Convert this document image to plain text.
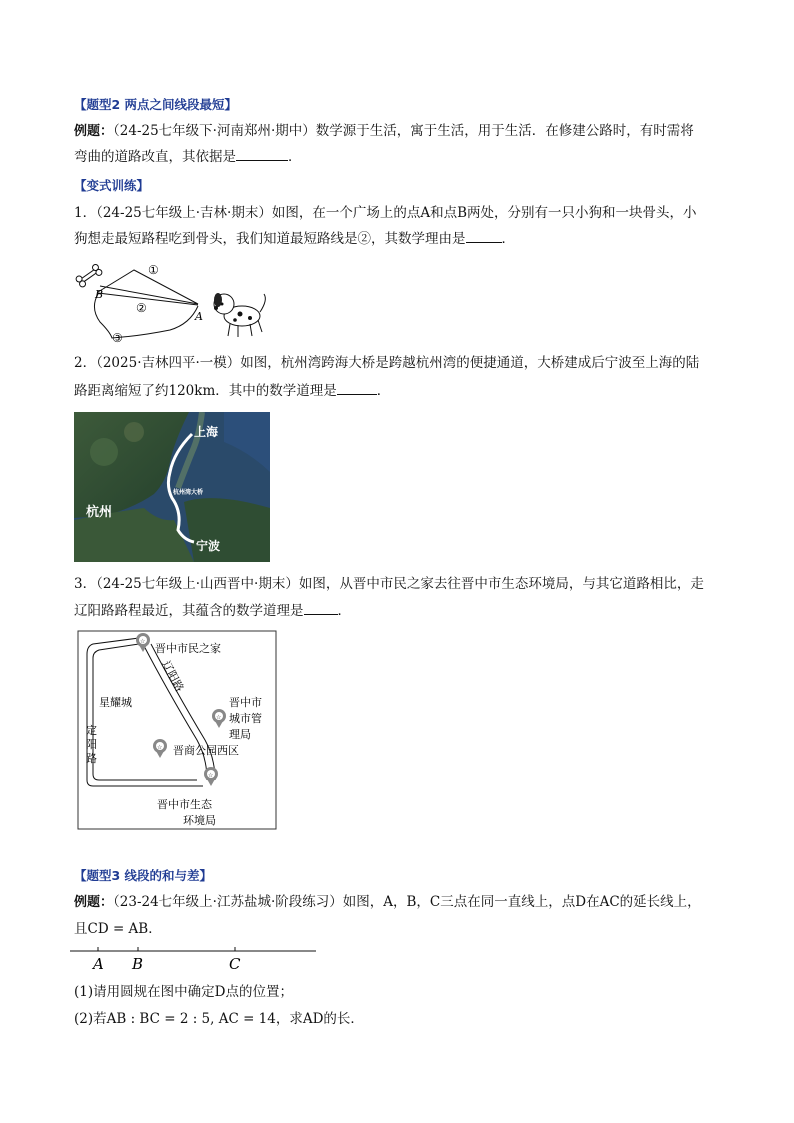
【题型2 两点之间线段最短】
例题：（24-25七年级下·河南郑州·期中）数学源于生活，寓于生活，用于生活．在修建公路时，有时需将
弯曲的道路改直，其依据是	．
【变式训练】
1．（24-25七年级上·吉林·期末）如图，在一个广场上的点A和点B两处，分别有一只小狗和一块骨头，小
狗想走最短路程吃到骨头，我们知道最短路线是②，其数学理由是	．
B
A
①
②
③
2．（2025·吉林四平·一模）如图，杭州湾跨海大桥是跨越杭州湾的便捷通道，大桥建成后宁波至上海的陆
路距离缩短了约120km．其中的数学道理是	．
上海
杭州
宁波
杭州湾大桥
3．（24-25七年级上·山西晋中·期末）如图，从晋中市民之家去往晋中市生态环境局，与其它道路相比，走
辽阳路路程最近，其蕴含的数学道理是	．
☆
☆
☆
☆
晋中市民之家
星耀城
辽阳路
定
阳
路
晋中市
城市管
理局
晋商公园西区
晋中市生态
环境局
【题型3 线段的和与差】
例题：（23-24七年级上·江苏盐城·阶段练习）如图，A，B，C三点在同一直线上，点D在AC的延长线上，
且CD = AB．
A B	C
(1)请用圆规在图中确定D点的位置；
(2)若AB : BC = 2 : 5, AC = 14，求AD的长．
